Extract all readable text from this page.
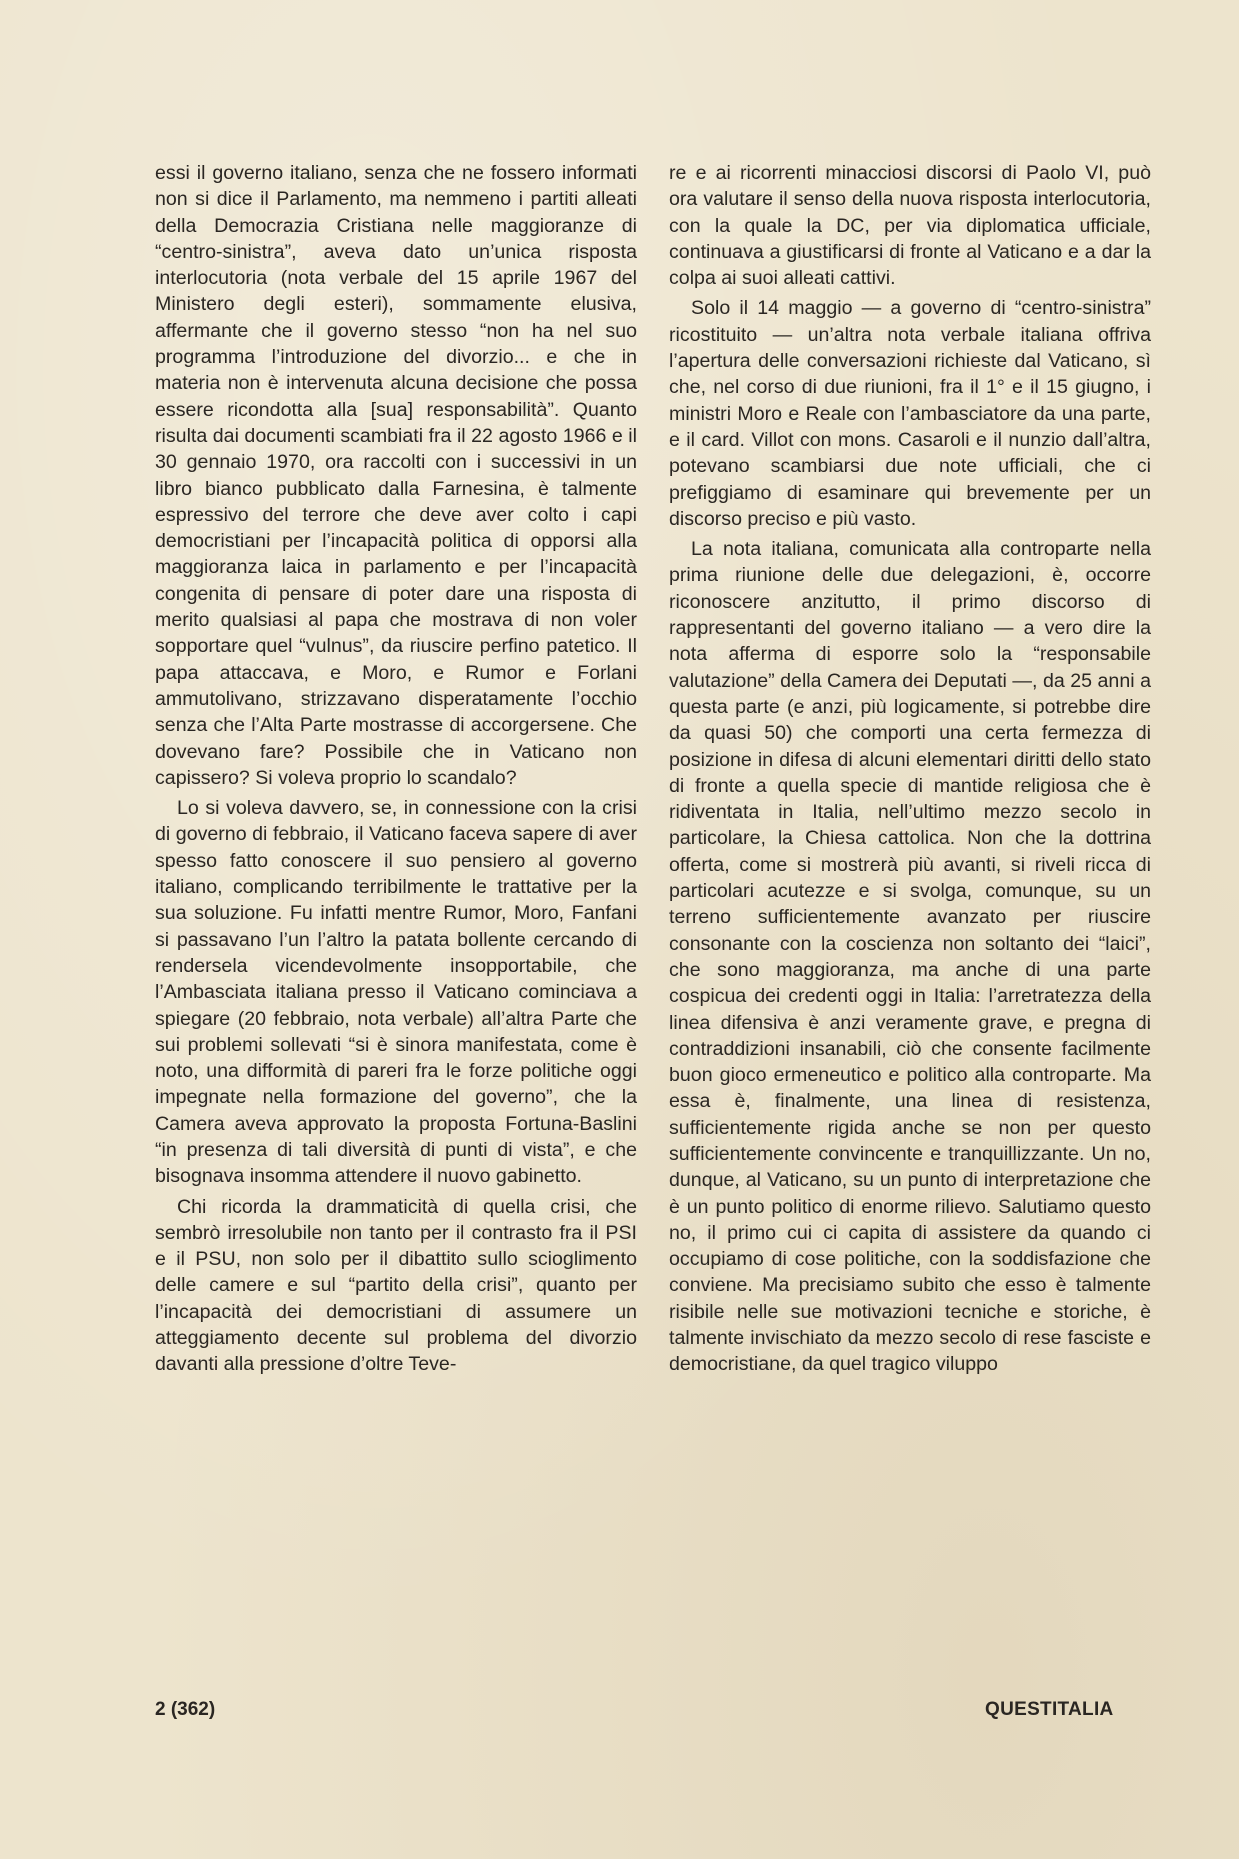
essi il governo italiano, senza che ne fossero informati non si dice il Parlamento, ma nemmeno i partiti alleati della Democrazia Cristiana nelle maggioranze di “centro-sinistra”, aveva dato un’unica risposta interlocutoria (nota verbale del 15 aprile 1967 del Ministero degli esteri), sommamente elusiva, affermante che il governo stesso “non ha nel suo programma l’introduzione del divorzio... e che in materia non è intervenuta alcuna decisione che possa essere ricondotta alla [sua] responsabilità”. Quanto risulta dai documenti scambiati fra il 22 agosto 1966 e il 30 gennaio 1970, ora raccolti con i successivi in un libro bianco pubblicato dalla Farnesina, è talmente espressivo del terrore che deve aver colto i capi democristiani per l’incapacità politica di opporsi alla maggioranza laica in parlamento e per l’incapacità congenita di pensare di poter dare una risposta di merito qualsiasi al papa che mostrava di non voler sopportare quel “vulnus”, da riuscire perfino patetico. Il papa attaccava, e Moro, e Rumor e Forlani ammutolivano, strizzavano disperatamente l’occhio senza che l’Alta Parte mostrasse di accorgersene. Che dovevano fare? Possibile che in Vaticano non capissero? Si voleva proprio lo scandalo?

Lo si voleva davvero, se, in connessione con la crisi di governo di febbraio, il Vaticano faceva sapere di aver spesso fatto conoscere il suo pensiero al governo italiano, complicando terribilmente le trattative per la sua soluzione. Fu infatti mentre Rumor, Moro, Fanfani si passavano l’un l’altro la patata bollente cercando di rendersela vicendevolmente insopportabile, che l’Ambasciata italiana presso il Vaticano cominciava a spiegare (20 febbraio, nota verbale) all’altra Parte che sui problemi sollevati “si è sinora manifestata, come è noto, una difformità di pareri fra le forze politiche oggi impegnate nella formazione del governo”, che la Camera aveva approvato la proposta Fortuna-Baslini “in presenza di tali diversità di punti di vista”, e che bisognava insomma attendere il nuovo gabinetto.

Chi ricorda la drammaticità di quella crisi, che sembrò irresolubile non tanto per il contrasto fra il PSI e il PSU, non solo per il dibattito sullo scioglimento delle camere e sul “partito della crisi”, quanto per l’incapacità dei democristiani di assumere un atteggiamento decente sul problema del divorzio davanti alla pressione d’oltre Teve-

re e ai ricorrenti minacciosi discorsi di Paolo VI, può ora valutare il senso della nuova risposta interlocutoria, con la quale la DC, per via diplomatica ufficiale, continuava a giustificarsi di fronte al Vaticano e a dar la colpa ai suoi alleati cattivi.

Solo il 14 maggio — a governo di “centro-sinistra” ricostituito — un’altra nota verbale italiana offriva l’apertura delle conversazioni richieste dal Vaticano, sì che, nel corso di due riunioni, fra il 1° e il 15 giugno, i ministri Moro e Reale con l’ambasciatore da una parte, e il card. Villot con mons. Casaroli e il nunzio dall’altra, potevano scambiarsi due note ufficiali, che ci prefiggiamo di esaminare qui brevemente per un discorso preciso e più vasto.

La nota italiana, comunicata alla controparte nella prima riunione delle due delegazioni, è, occorre riconoscere anzitutto, il primo discorso di rappresentanti del governo italiano — a vero dire la nota afferma di esporre solo la “responsabile valutazione” della Camera dei Deputati —, da 25 anni a questa parte (e anzi, più logicamente, si potrebbe dire da quasi 50) che comporti una certa fermezza di posizione in difesa di alcuni elementari diritti dello stato di fronte a quella specie di mantide religiosa che è ridiventata in Italia, nell’ultimo mezzo secolo in particolare, la Chiesa cattolica. Non che la dottrina offerta, come si mostrerà più avanti, si riveli ricca di particolari acutezze e si svolga, comunque, su un terreno sufficientemente avanzato per riuscire consonante con la coscienza non soltanto dei “laici”, che sono maggioranza, ma anche di una parte cospicua dei credenti oggi in Italia: l’arretratezza della linea difensiva è anzi veramente grave, e pregna di contraddizioni insanabili, ciò che consente facilmente buon gioco ermeneutico e politico alla controparte. Ma essa è, finalmente, una linea di resistenza, sufficientemente rigida anche se non per questo sufficientemente convincente e tranquillizzante. Un no, dunque, al Vaticano, su un punto di interpretazione che è un punto politico di enorme rilievo. Salutiamo questo no, il primo cui ci capita di assistere da quando ci occupiamo di cose politiche, con la soddisfazione che conviene. Ma precisiamo subito che esso è talmente risibile nelle sue motivazioni tecniche e storiche, è talmente invischiato da mezzo secolo di rese fasciste e democristiane, da quel tragico viluppo

2 (362)	QUESTITALIA
